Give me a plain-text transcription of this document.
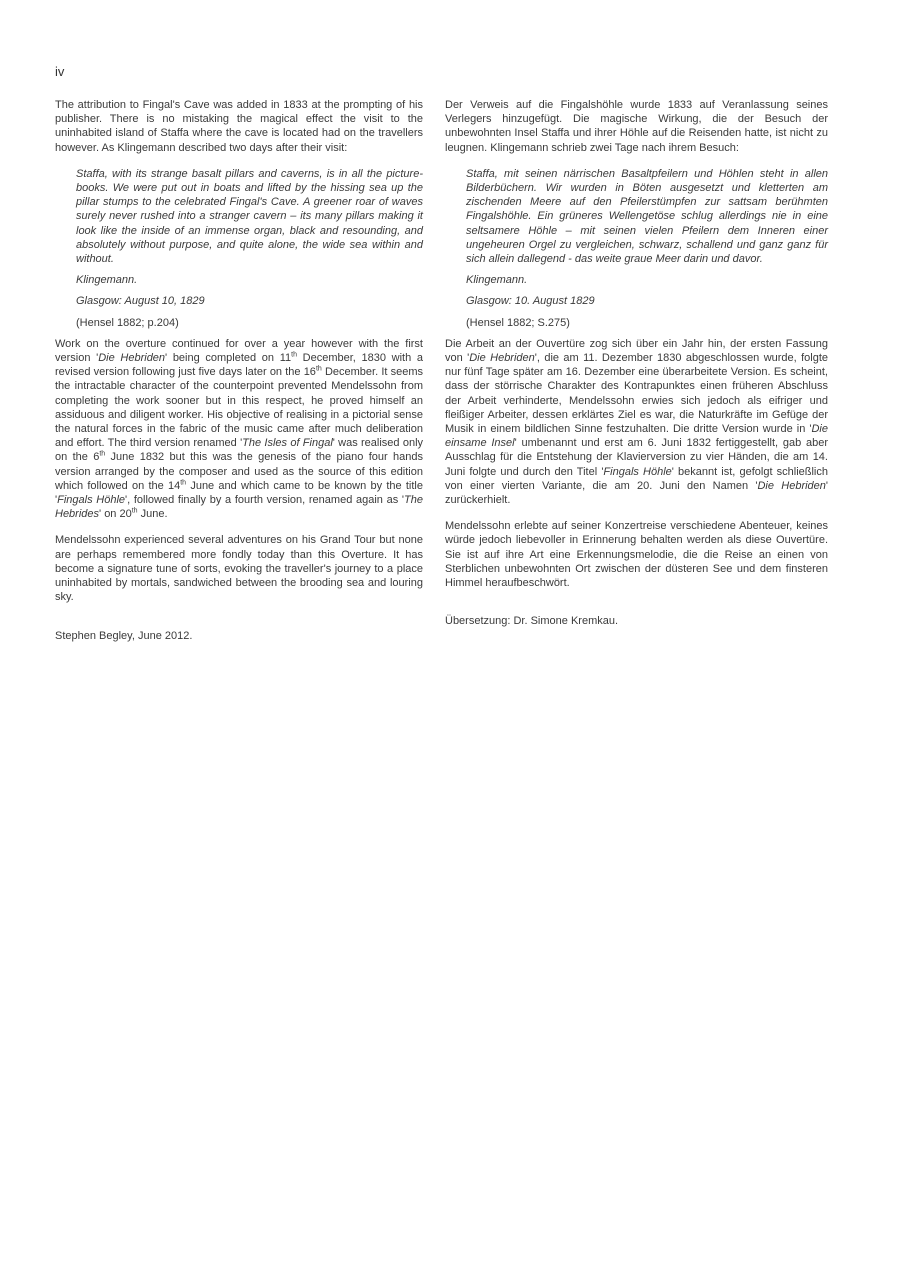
iv

The attribution to Fingal's Cave was added in 1833 at the prompting of his publisher. There is no mistaking the magical effect the visit to the uninhabited island of Staffa where the cave is located had on the travellers however. As Klingemann described two days after their visit:

Staffa, with its strange basalt pillars and caverns, is in all the picture-books. We were put out in boats and lifted by the hissing sea up the pillar stumps to the celebrated Fingal's Cave. A greener roar of waves surely never rushed into a stranger cavern – its many pillars making it look like the inside of an immense organ, black and resounding, and absolutely without purpose, and quite alone, the wide sea within and without.

Klingemann.

Glasgow: August 10, 1829

(Hensel 1882; p.204)

Work on the overture continued for over a year however with the first version 'Die Hebriden' being completed on 11th December, 1830 with a revised version following just five days later on the 16th December. It seems the intractable character of the counterpoint prevented Mendelssohn from completing the work sooner but in this respect, he proved himself an assiduous and diligent worker. His objective of realising in a pictorial sense the natural forces in the fabric of the music came after much deliberation and effort. The third version renamed 'The Isles of Fingal' was realised only on the 6th June 1832 but this was the genesis of the piano four hands version arranged by the composer and used as the source of this edition which followed on the 14th June and which came to be known by the title 'Fingals Höhle', followed finally by a fourth version, renamed again as 'The Hebrides' on 20th June.

Mendelssohn experienced several adventures on his Grand Tour but none are perhaps remembered more fondly today than this Overture. It has become a signature tune of sorts, evoking the traveller's journey to a place uninhabited by mortals, sandwiched between the brooding sea and louring sky.

Stephen Begley, June 2012.

Der Verweis auf die Fingalshöhle wurde 1833 auf Veranlassung seines Verlegers hinzugefügt. Die magische Wirkung, die der Besuch der unbewohnten Insel Staffa und ihrer Höhle auf die Reisenden hatte, ist nicht zu leugnen. Klingemann schrieb zwei Tage nach ihrem Besuch:

Staffa, mit seinen närrischen Basaltpfeilern und Höhlen steht in allen Bilderbüchern. Wir wurden in Böten ausgesetzt und kletterten am zischenden Meere auf den Pfeilerstümpfen zur sattsam berühmten Fingalshöhle. Ein grüneres Wellengetöse schlug allerdings nie in eine seltsamere Höhle – mit seinen vielen Pfeilern dem Inneren einer ungeheuren Orgel zu vergleichen, schwarz, schallend und ganz ganz für sich allein dallegend - das weite graue Meer darin und davor.

Klingemann.

Glasgow: 10. August 1829

(Hensel 1882; S.275)

Die Arbeit an der Ouvertüre zog sich über ein Jahr hin, der ersten Fassung von 'Die Hebriden', die am 11. Dezember 1830 abgeschlossen wurde, folgte nur fünf Tage später am 16. Dezember eine überarbeitete Version. Es scheint, dass der störrische Charakter des Kontrapunktes einen früheren Abschluss der Arbeit verhinderte, Mendelssohn erwies sich jedoch als eifriger und fleißiger Arbeiter, dessen erklärtes Ziel es war, die Naturkräfte im Gefüge der Musik in einem bildlichen Sinne festzuhalten. Die dritte Version wurde in 'Die einsame Insel' umbenannt und erst am 6. Juni 1832 fertiggestellt, gab aber Ausschlag für die Entstehung der Klavierversion zu vier Händen, die am 14. Juni folgte und durch den Titel 'Fingals Höhle' bekannt ist, gefolgt schließlich von einer vierten Variante, die am 20. Juni den Namen 'Die Hebriden' zurückerhielt.

Mendelssohn erlebte auf seiner Konzertreise verschiedene Abenteuer, keines würde jedoch liebevoller in Erinnerung behalten werden als diese Ouvertüre. Sie ist auf ihre Art eine Erkennungsmelodie, die die Reise an einen von Sterblichen unbewohnten Ort zwischen der düsteren See und dem finsteren Himmel heraufbeschwört.

Übersetzung: Dr. Simone Kremkau.
